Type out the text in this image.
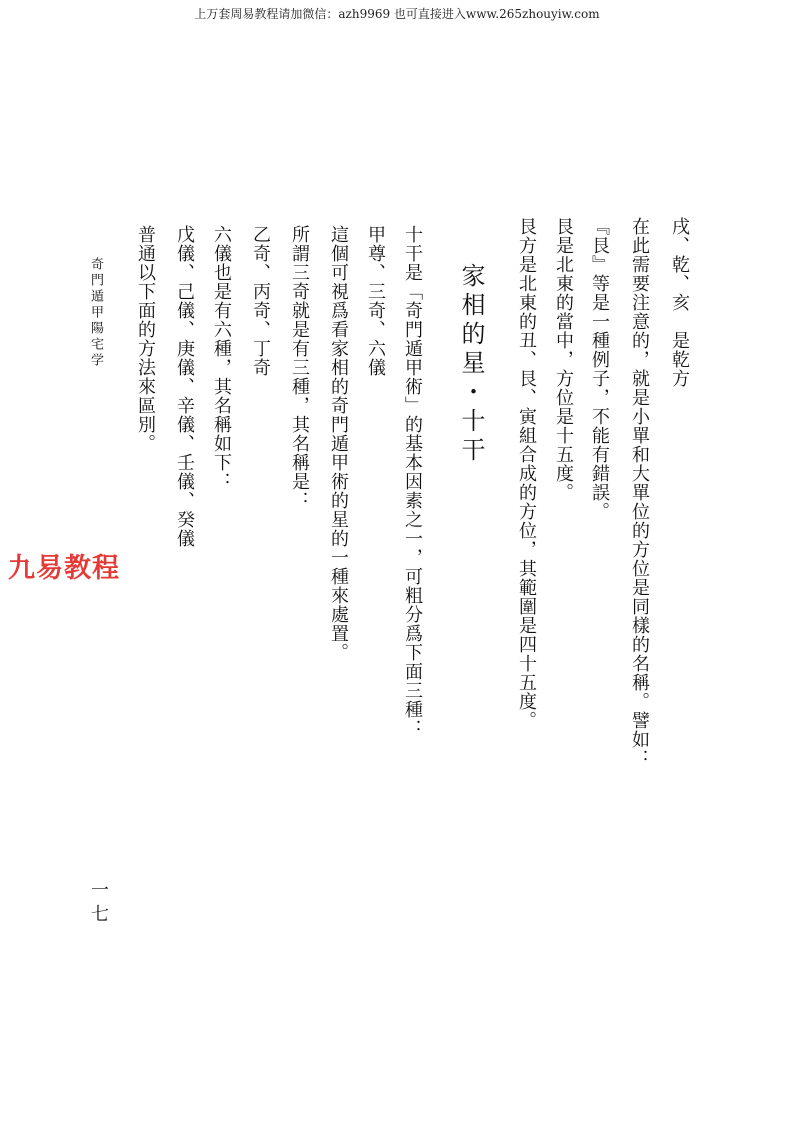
上万套周易教程请加微信：azh9969 也可直接进入www.265zhouyiw.com
戌、乾、亥　是乾方
在此需要注意的，就是小單和大單位的方位是同樣的名稱。譬如：
『艮』等是一種例子，不能有錯誤。
艮是北東的當中，方位是十五度。
艮方是北東的丑、艮、寅組合成的方位，其範圍是四十五度。
家相的星・十干
十干是「奇門遁甲術」的基本因素之一，可粗分爲下面三種：
甲尊、三奇、六儀
這個可視爲看家相的奇門遁甲術的星的一種來處置。
所謂三奇就是有三種，其名稱是：
乙奇、丙奇、丁奇
六儀也是有六種，其名稱如下：
戊儀、己儀、庚儀、辛儀、壬儀、癸儀
普通以下面的方法來區別。
奇門遁甲陽宅学
九易教程
一七
